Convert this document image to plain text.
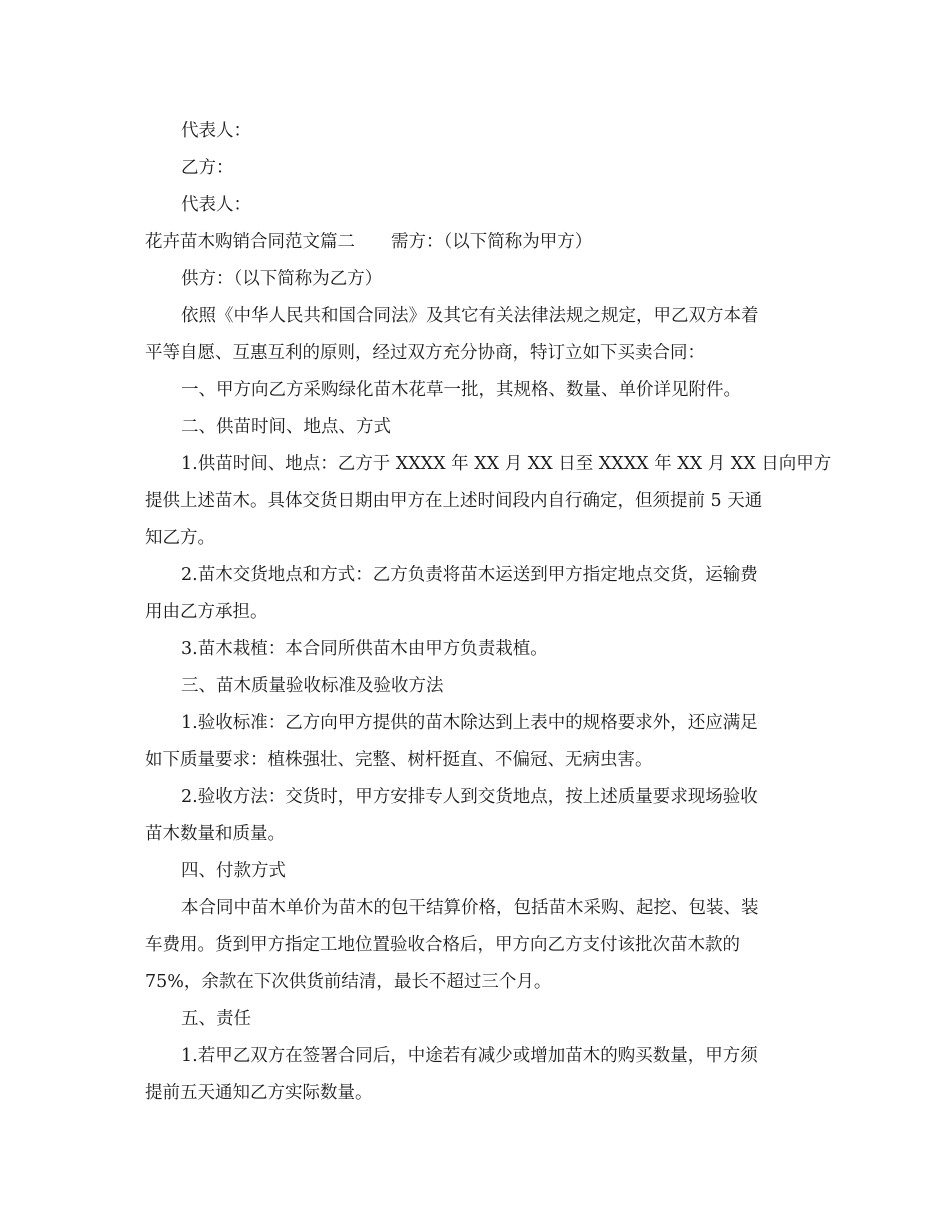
代表人：
乙方：
代表人：
花卉苗木购销合同范文篇二 需方：（以下简称为甲方）
供方：（以下简称为乙方）
依照《中华人民共和国合同法》及其它有关法律法规之规定，甲乙双方本着
平等自愿、互惠互利的原则，经过双方充分协商，特订立如下买卖合同：
一、甲方向乙方采购绿化苗木花草一批，其规格、数量、单价详见附件。
二、供苗时间、地点、方式
1.供苗时间、地点：乙方于 XXXX 年 XX 月 XX 日至 XXXX 年 XX 月 XX 日向甲方
提供上述苗木。具体交货日期由甲方在上述时间段内自行确定，但须提前 5 天通
知乙方。
2.苗木交货地点和方式：乙方负责将苗木运送到甲方指定地点交货，运输费
用由乙方承担。
3.苗木栽植：本合同所供苗木由甲方负责栽植。
三、苗木质量验收标准及验收方法
1.验收标准：乙方向甲方提供的苗木除达到上表中的规格要求外，还应满足
如下质量要求：植株强壮、完整、树杆挺直、不偏冠、无病虫害。
2.验收方法：交货时，甲方安排专人到交货地点，按上述质量要求现场验收
苗木数量和质量。
四、付款方式
本合同中苗木单价为苗木的包干结算价格，包括苗木采购、起挖、包装、装
车费用。货到甲方指定工地位置验收合格后，甲方向乙方支付该批次苗木款的
75%，余款在下次供货前结清，最长不超过三个月。
五、责任
1.若甲乙双方在签署合同后，中途若有减少或增加苗木的购买数量，甲方须
提前五天通知乙方实际数量。
